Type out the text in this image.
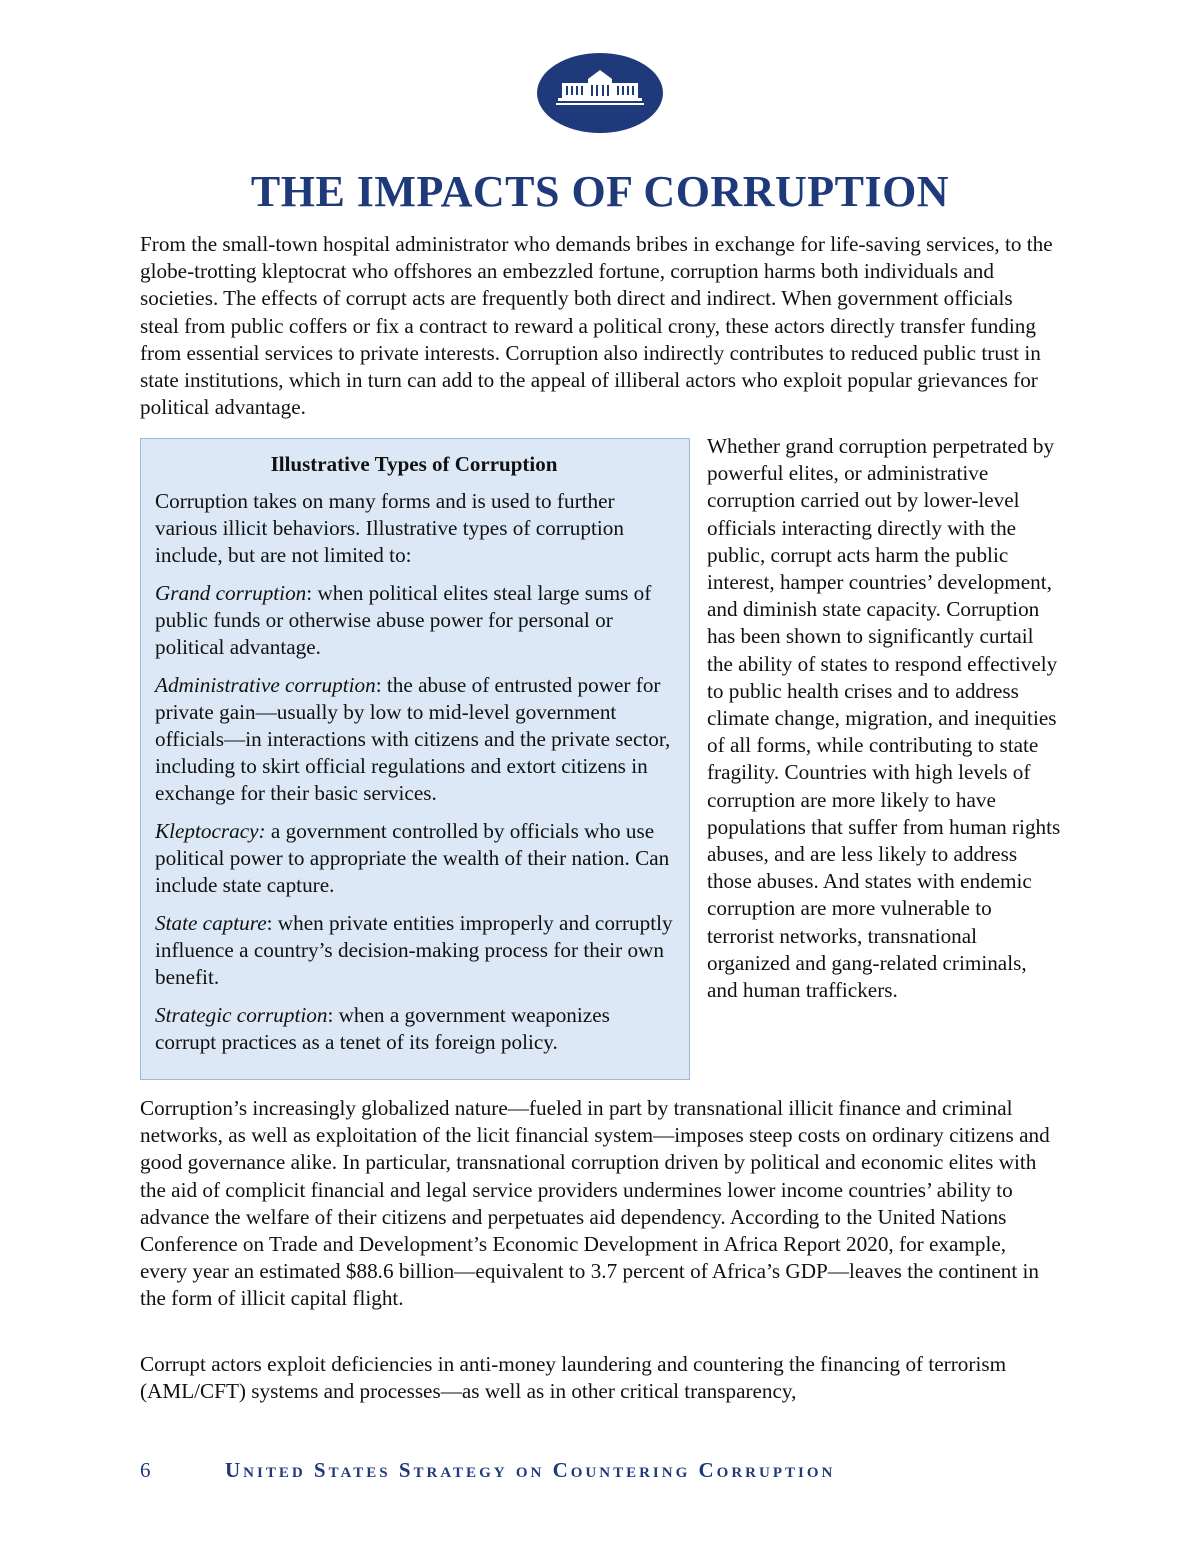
THE IMPACTS OF CORRUPTION

From the small-town hospital administrator who demands bribes in exchange for life-saving services, to the globe-trotting kleptocrat who offshores an embezzled fortune, corruption harms both individuals and societies. The effects of corrupt acts are frequently both direct and indirect. When government officials steal from public coffers or fix a contract to reward a political crony, these actors directly transfer funding from essential services to private interests. Corruption also indirectly contributes to reduced public trust in state institutions, which in turn can add to the appeal of illiberal actors who exploit popular grievances for political advantage.

Illustrative Types of Corruption

Corruption takes on many forms and is used to further various illicit behaviors. Illustrative types of corruption include, but are not limited to:

Grand corruption: when political elites steal large sums of public funds or otherwise abuse power for personal or political advantage.

Administrative corruption: the abuse of entrusted power for private gain—usually by low to mid-level government officials—in interactions with citizens and the private sector, including to skirt official regulations and extort citizens in exchange for their basic services.

Kleptocracy: a government controlled by officials who use political power to appropriate the wealth of their nation. Can include state capture.

State capture: when private entities improperly and corruptly influence a country’s decision-making process for their own benefit.

Strategic corruption: when a government weaponizes corrupt practices as a tenet of its foreign policy.

Whether grand corruption perpetrated by powerful elites, or administrative corruption carried out by lower-level officials interacting directly with the public, corrupt acts harm the public interest, hamper countries’ development, and diminish state capacity. Corruption has been shown to significantly curtail the ability of states to respond effectively to public health crises and to address climate change, migration, and inequities of all forms, while contributing to state fragility. Countries with high levels of corruption are more likely to have populations that suffer from human rights abuses, and are less likely to address those abuses. And states with endemic corruption are more vulnerable to terrorist networks, transnational organized and gang-related criminals, and human traffickers.

Corruption’s increasingly globalized nature—fueled in part by transnational illicit finance and criminal networks, as well as exploitation of the licit financial system—imposes steep costs on ordinary citizens and good governance alike. In particular, transnational corruption driven by political and economic elites with the aid of complicit financial and legal service providers undermines lower income countries’ ability to advance the welfare of their citizens and perpetuates aid dependency. According to the United Nations Conference on Trade and Development’s Economic Development in Africa Report 2020, for example, every year an estimated $88.6 billion—equivalent to 3.7 percent of Africa’s GDP—leaves the continent in the form of illicit capital flight.

Corrupt actors exploit deficiencies in anti-money laundering and countering the financing of terrorism (AML/CFT) systems and processes—as well as in other critical transparency,

6	United States Strategy on Countering Corruption
